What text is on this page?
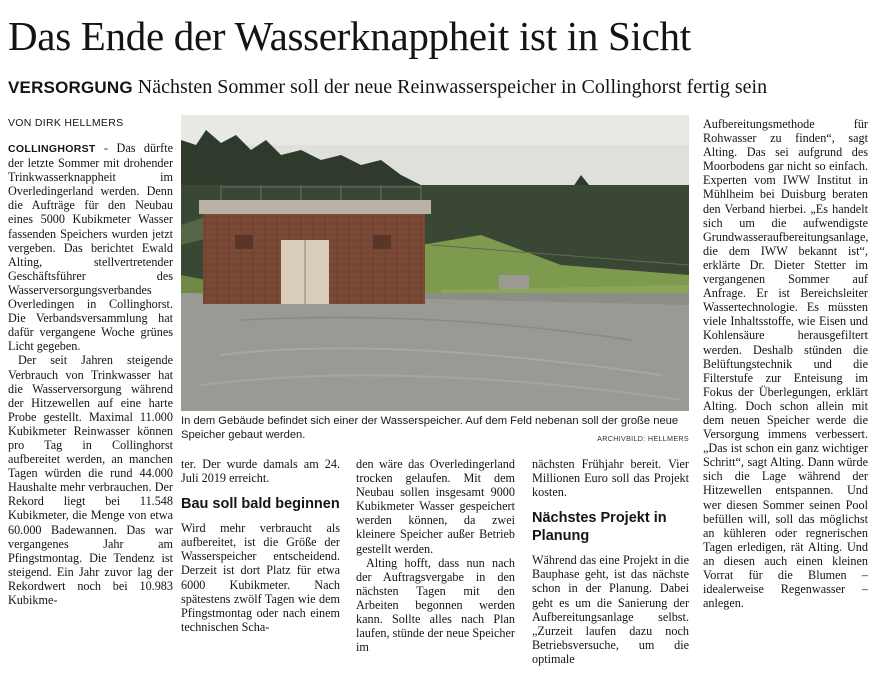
Das Ende der Wasserknappheit ist in Sicht
VERSORGUNG Nächsten Sommer soll der neue Reinwasserspeicher in Collinghorst fertig sein
VON DIRK HELLMERS

COLLINGHORST - Das dürfte der letzte Sommer mit drohender Trinkwasserknappheit im Overledingerland werden. Denn die Aufträge für den Neubau eines 5000 Kubikmeter Wasser fassenden Speichers wurden jetzt vergeben. Das berichtet Ewald Alting, stellvertretender Geschäftsführer des Wasserversorgungsverbandes Overledingen in Collinghorst. Die Verbandsversammlung hat dafür vergangene Woche grünes Licht gegeben.

Der seit Jahren steigende Verbrauch von Trinkwasser hat die Wasserversorgung während der Hitzewellen auf eine harte Probe gestellt. Maximal 11.000 Kubikmeter Reinwasser können pro Tag in Collinghorst aufbereitet werden, an manchen Tagen würden die rund 44.000 Haushalte mehr verbrauchen. Der Rekord liegt bei 11.548 Kubikmeter, die Menge von etwa 60.000 Badewannen. Das war vergangenes Jahr am Pfingstmontag. Die Tendenz ist steigend. Ein Jahr zuvor lag der Rekordwert noch bei 10.983 Kubikme-

In dem Gebäude befindet sich einer der Wasserspeicher. Auf dem Feld nebenan soll der große neue Speicher gebaut werden.	ARCHIVBILD: HELLMERS

ter. Der wurde damals am 24. Juli 2019 erreicht.

Bau soll bald beginnen

Wird mehr verbraucht als aufbereitet, ist die Größe der Wasserspeicher entscheidend. Derzeit ist dort Platz für etwa 6000 Kubikmeter. Nach spätestens zwölf Tagen wie dem Pfingstmontag oder nach einem technischen Scha-

den wäre das Overledingerland trocken gelaufen. Mit dem Neubau sollen insgesamt 9000 Kubikmeter Wasser gespeichert werden können, da zwei kleinere Speicher außer Betrieb gestellt werden.

Alting hofft, dass nun nach der Auftragsvergabe in den nächsten Tagen mit den Arbeiten begonnen werden kann. Sollte alles nach Plan laufen, stünde der neue Speicher im

nächsten Frühjahr bereit. Vier Millionen Euro soll das Projekt kosten.

Nächstes Projekt in Planung

Während das eine Projekt in die Bauphase geht, ist das nächste schon in der Planung. Dabei geht es um die Sanierung der Aufbereitungsanlage selbst. „Zurzeit laufen dazu noch Betriebsversuche, um die optimale

Aufbereitungsmethode für Rohwasser zu finden“, sagt Alting. Das sei aufgrund des Moorbodens gar nicht so einfach. Experten vom IWW Institut in Mühlheim bei Duisburg beraten den Verband hierbei. „Es handelt sich um die aufwendigste Grundwasseraufbereitungsanlage, die dem IWW bekannt ist“, erklärte Dr. Dieter Stetter im vergangenen Sommer auf Anfrage. Er ist Bereichsleiter Wassertechnologie. Es müssten viele Inhaltsstoffe, wie Eisen und Kohlensäure herausgefiltert werden. Deshalb stünden die Belüftungstechnik und die Filterstufe zur Enteisung im Fokus der Überlegungen, erklärt Alting. Doch schon allein mit dem neuen Speicher werde die Versorgung immens verbessert. „Das ist schon ein ganz wichtiger Schritt“, sagt Alting. Dann würde sich die Lage während der Hitzewellen entspannen. Und wer diesen Sommer seinen Pool befüllen will, soll das möglichst an kühleren oder regnerischen Tagen erledigen, rät Alting. Und an diesen auch einen kleinen Vorrat für die Blumen – idealerweise Regenwasser – anlegen.
